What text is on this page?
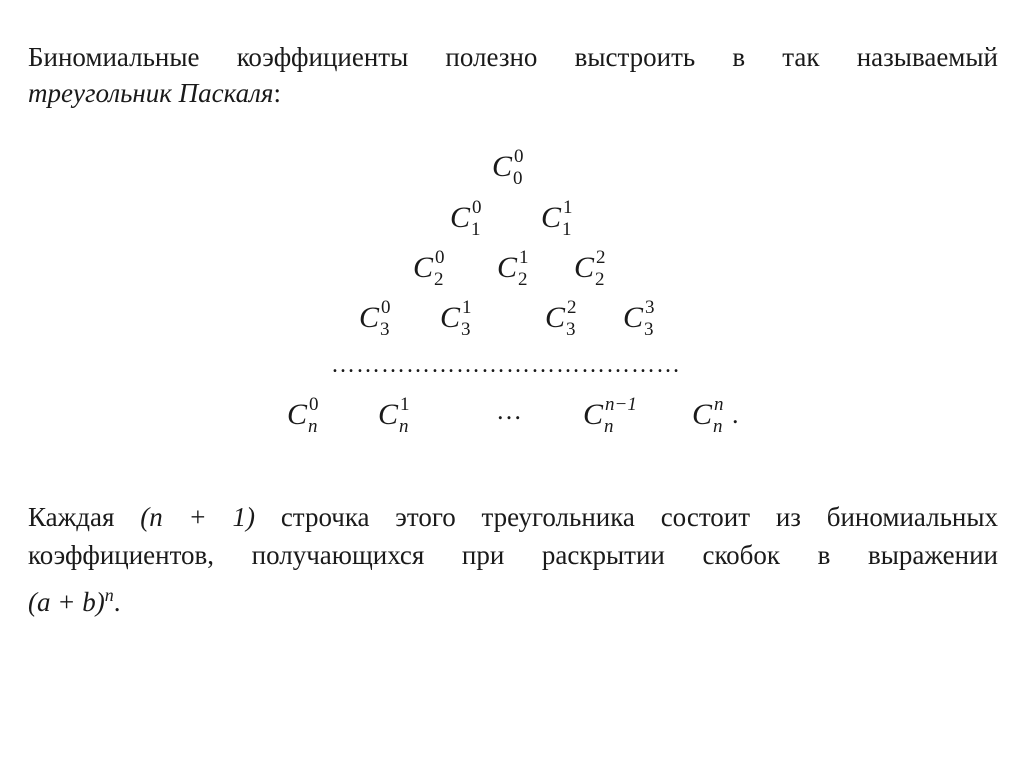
Биномиальные коэффициенты полезно выстроить в так называемый
треугольник Паскаля:
C 0
0
C 0
1 C 1
1
C 0
2 C 1
2 C 2
2
C 0
3 C 1
3 C 2
3 C 3
3
……………………………………
C 0
n C 1
n
… C n−1
n	C n
n .
Каждая (n + 1) строчка этого треугольника состоит из биномиальных
коэффициентов, получающихся при раскрытии скобок в выражении
$(a + b)^n$.
